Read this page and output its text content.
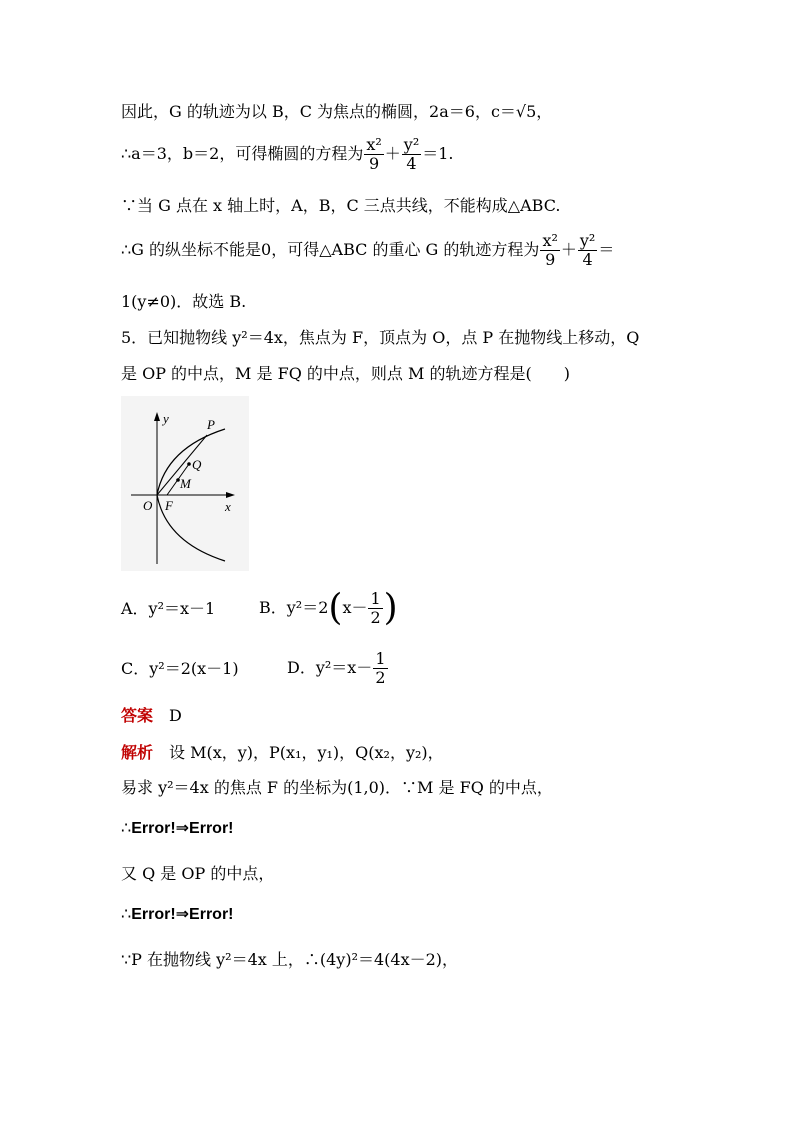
因此，G 的轨迹为以 B，C 为焦点的椭圆，2a＝6，c＝√5，
∴a＝3，b＝2，可得椭圆的方程为 $\frac{\text{x²}}{9} + \frac{\text{y²}}{4} =1$.
∵当 G 点在 x 轴上时，A，B，C 三点共线，不能构成△ABC.
∴G 的纵坐标不能是0，可得△ABC 的重心 G 的轨迹方程为 $\frac{\text{x²}}{9} + \frac{\text{y²}}{4}$ ＝
1(y≠0)．故选 B.
5．已知抛物线 y²＝4x，焦点为 F，顶点为 O，点 P 在抛物线上移动，Q
是 OP 的中点，M 是 FQ 的中点，则点 M 的轨迹方程是(　　)
y
x
P
Q
M
O F
A．y²＝x－1	B．$y^2=2(x- \frac{1}{2}$ )
C．y²＝2(x－1)	D．$y^2=x- \frac{1}{2}$
答案  D
解析  设 M(x，y)，P(x₁，y₁)，Q(x₂，y₂)，
易求 y²＝4x 的焦点 F 的坐标为(1,0)．∵M 是 FQ 的中点，
∴Error!⇒Error!
又 Q 是 OP 的中点，
∴Error!⇒Error!
∵P 在抛物线 y²＝4x 上，∴(4y)²＝4(4x－2)，
